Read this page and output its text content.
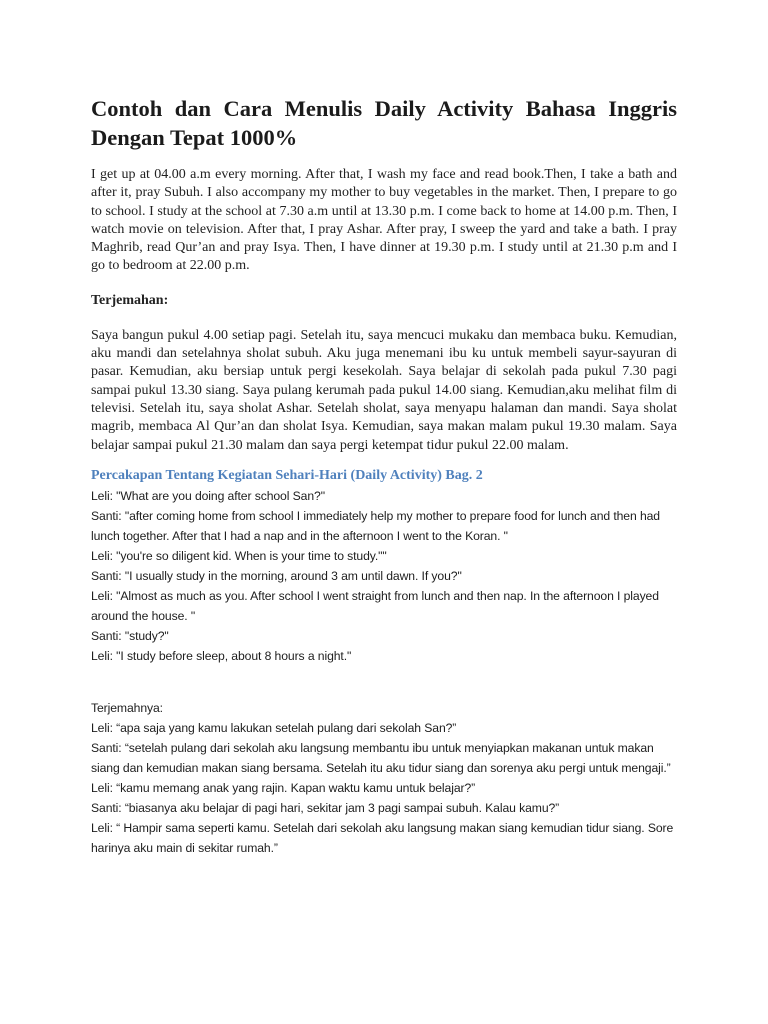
Contoh dan Cara Menulis Daily Activity Bahasa Inggris Dengan Tepat 1000%

I get up at 04.00 a.m every morning. After that, I wash my face and read book.Then, I take a bath and after it, pray Subuh. I also accompany my mother to buy vegetables in the market. Then, I prepare to go to school. I study at the school at 7.30 a.m until at 13.30 p.m. I come back to home at 14.00 p.m. Then, I watch movie on television. After that, I pray Ashar. After pray, I sweep the yard and take a bath. I pray Maghrib, read Qur’an and pray Isya. Then, I have dinner at 19.30 p.m. I study until at 21.30 p.m and I go to bedroom at 22.00 p.m.

Terjemahan:

Saya bangun pukul 4.00 setiap pagi. Setelah itu, saya mencuci mukaku dan membaca buku. Kemudian, aku mandi dan setelahnya sholat subuh. Aku juga menemani ibu ku untuk membeli sayur-sayuran di pasar. Kemudian, aku bersiap untuk pergi kesekolah. Saya belajar di sekolah pada pukul 7.30 pagi sampai pukul 13.30 siang. Saya pulang kerumah pada pukul 14.00 siang. Kemudian,aku melihat film di televisi. Setelah itu, saya sholat Ashar. Setelah sholat, saya menyapu halaman dan mandi. Saya sholat magrib, membaca Al Qur’an dan sholat Isya. Kemudian, saya makan malam pukul 19.30 malam. Saya belajar sampai pukul 21.30 malam dan saya pergi ketempat tidur pukul 22.00 malam.

Percakapan Tentang Kegiatan Sehari-Hari (Daily Activity) Bag. 2

Leli: "What are you doing after school San?"
Santi: "after coming home from school I immediately help my mother to prepare food for lunch and then had lunch together. After that I had a nap and in the afternoon I went to the Koran. "
Leli: "you're so diligent kid. When is your time to study.""
Santi: "I usually study in the morning, around 3 am until dawn. If you?"
Leli: "Almost as much as you. After school I went straight from lunch and then nap. In the afternoon I played around the house. "
Santi: "study?"
Leli: "I study before sleep, about 8 hours a night."
Terjemahnya:
Leli: “apa saja yang kamu lakukan setelah pulang dari sekolah San?”
Santi: “setelah pulang dari sekolah aku langsung membantu ibu untuk menyiapkan makanan untuk makan siang dan kemudian makan siang bersama. Setelah itu aku tidur siang dan sorenya aku pergi untuk mengaji.”
Leli: “kamu memang anak yang rajin. Kapan waktu kamu untuk belajar?”
Santi: “biasanya aku belajar di pagi hari, sekitar jam 3 pagi sampai subuh. Kalau kamu?”
Leli: “ Hampir sama seperti kamu. Setelah dari sekolah aku langsung makan siang kemudian tidur siang. Sore harinya aku main di sekitar rumah.”
